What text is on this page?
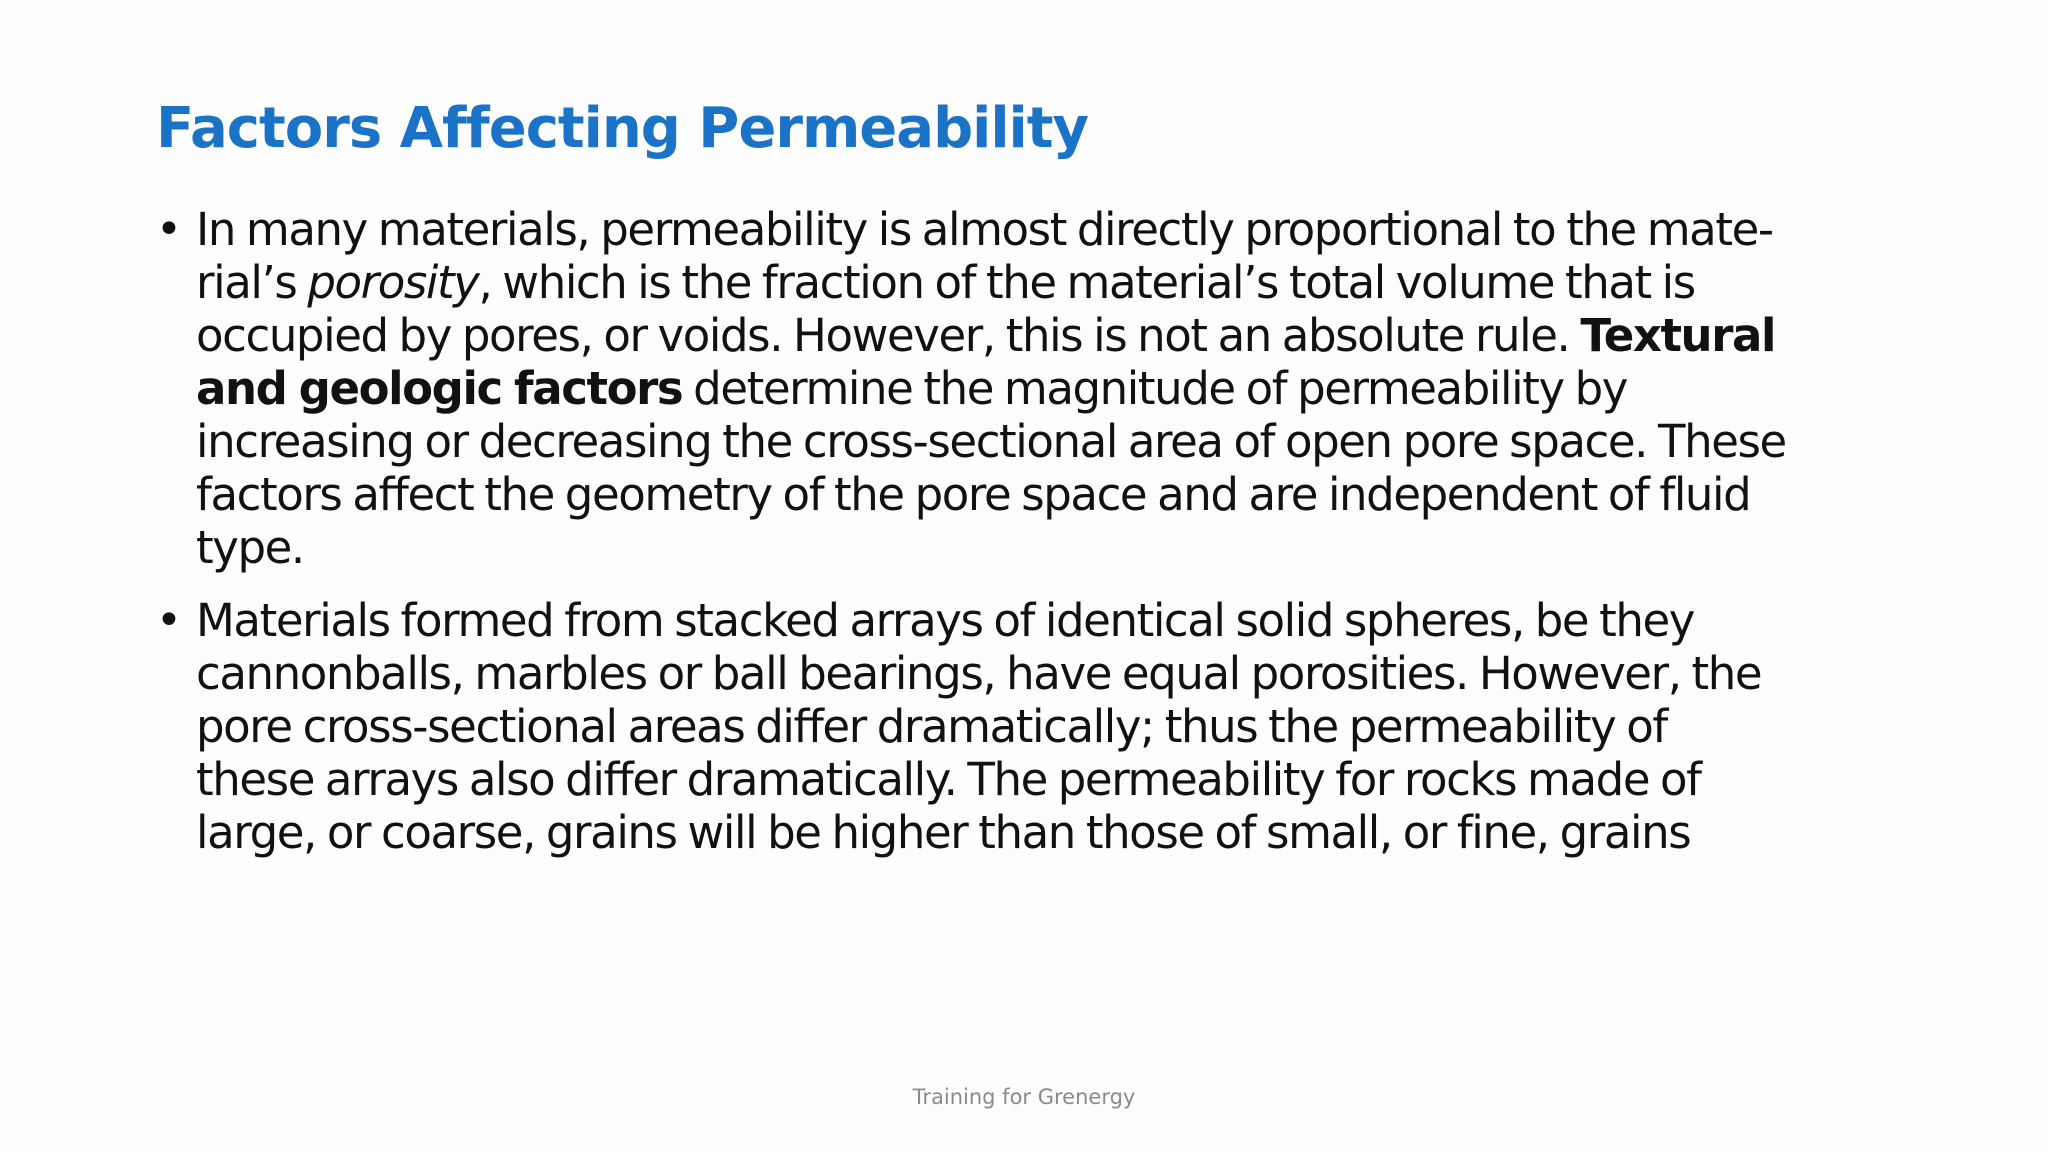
Factors Affecting Permeability
• In many materials, permeability is almost directly proportional to the mate-
rial’s porosity, which is the fraction of the material’s total volume that is
occupied by pores, or voids. However, this is not an absolute rule. Textural
and geologic factors determine the magnitude of permeability by
increasing or decreasing the cross-sectional area of open pore space. These
factors affect the geometry of the pore space and are independent of fluid
type.
• Materials formed from stacked arrays of identical solid spheres, be they
cannonballs, marbles or ball bearings, have equal porosities. However, the
pore cross-sectional areas differ dramatically; thus the permeability of
these arrays also differ dramatically. The permeability for rocks made of
large, or coarse, grains will be higher than those of small, or fine, grains
Training for Grenergy
